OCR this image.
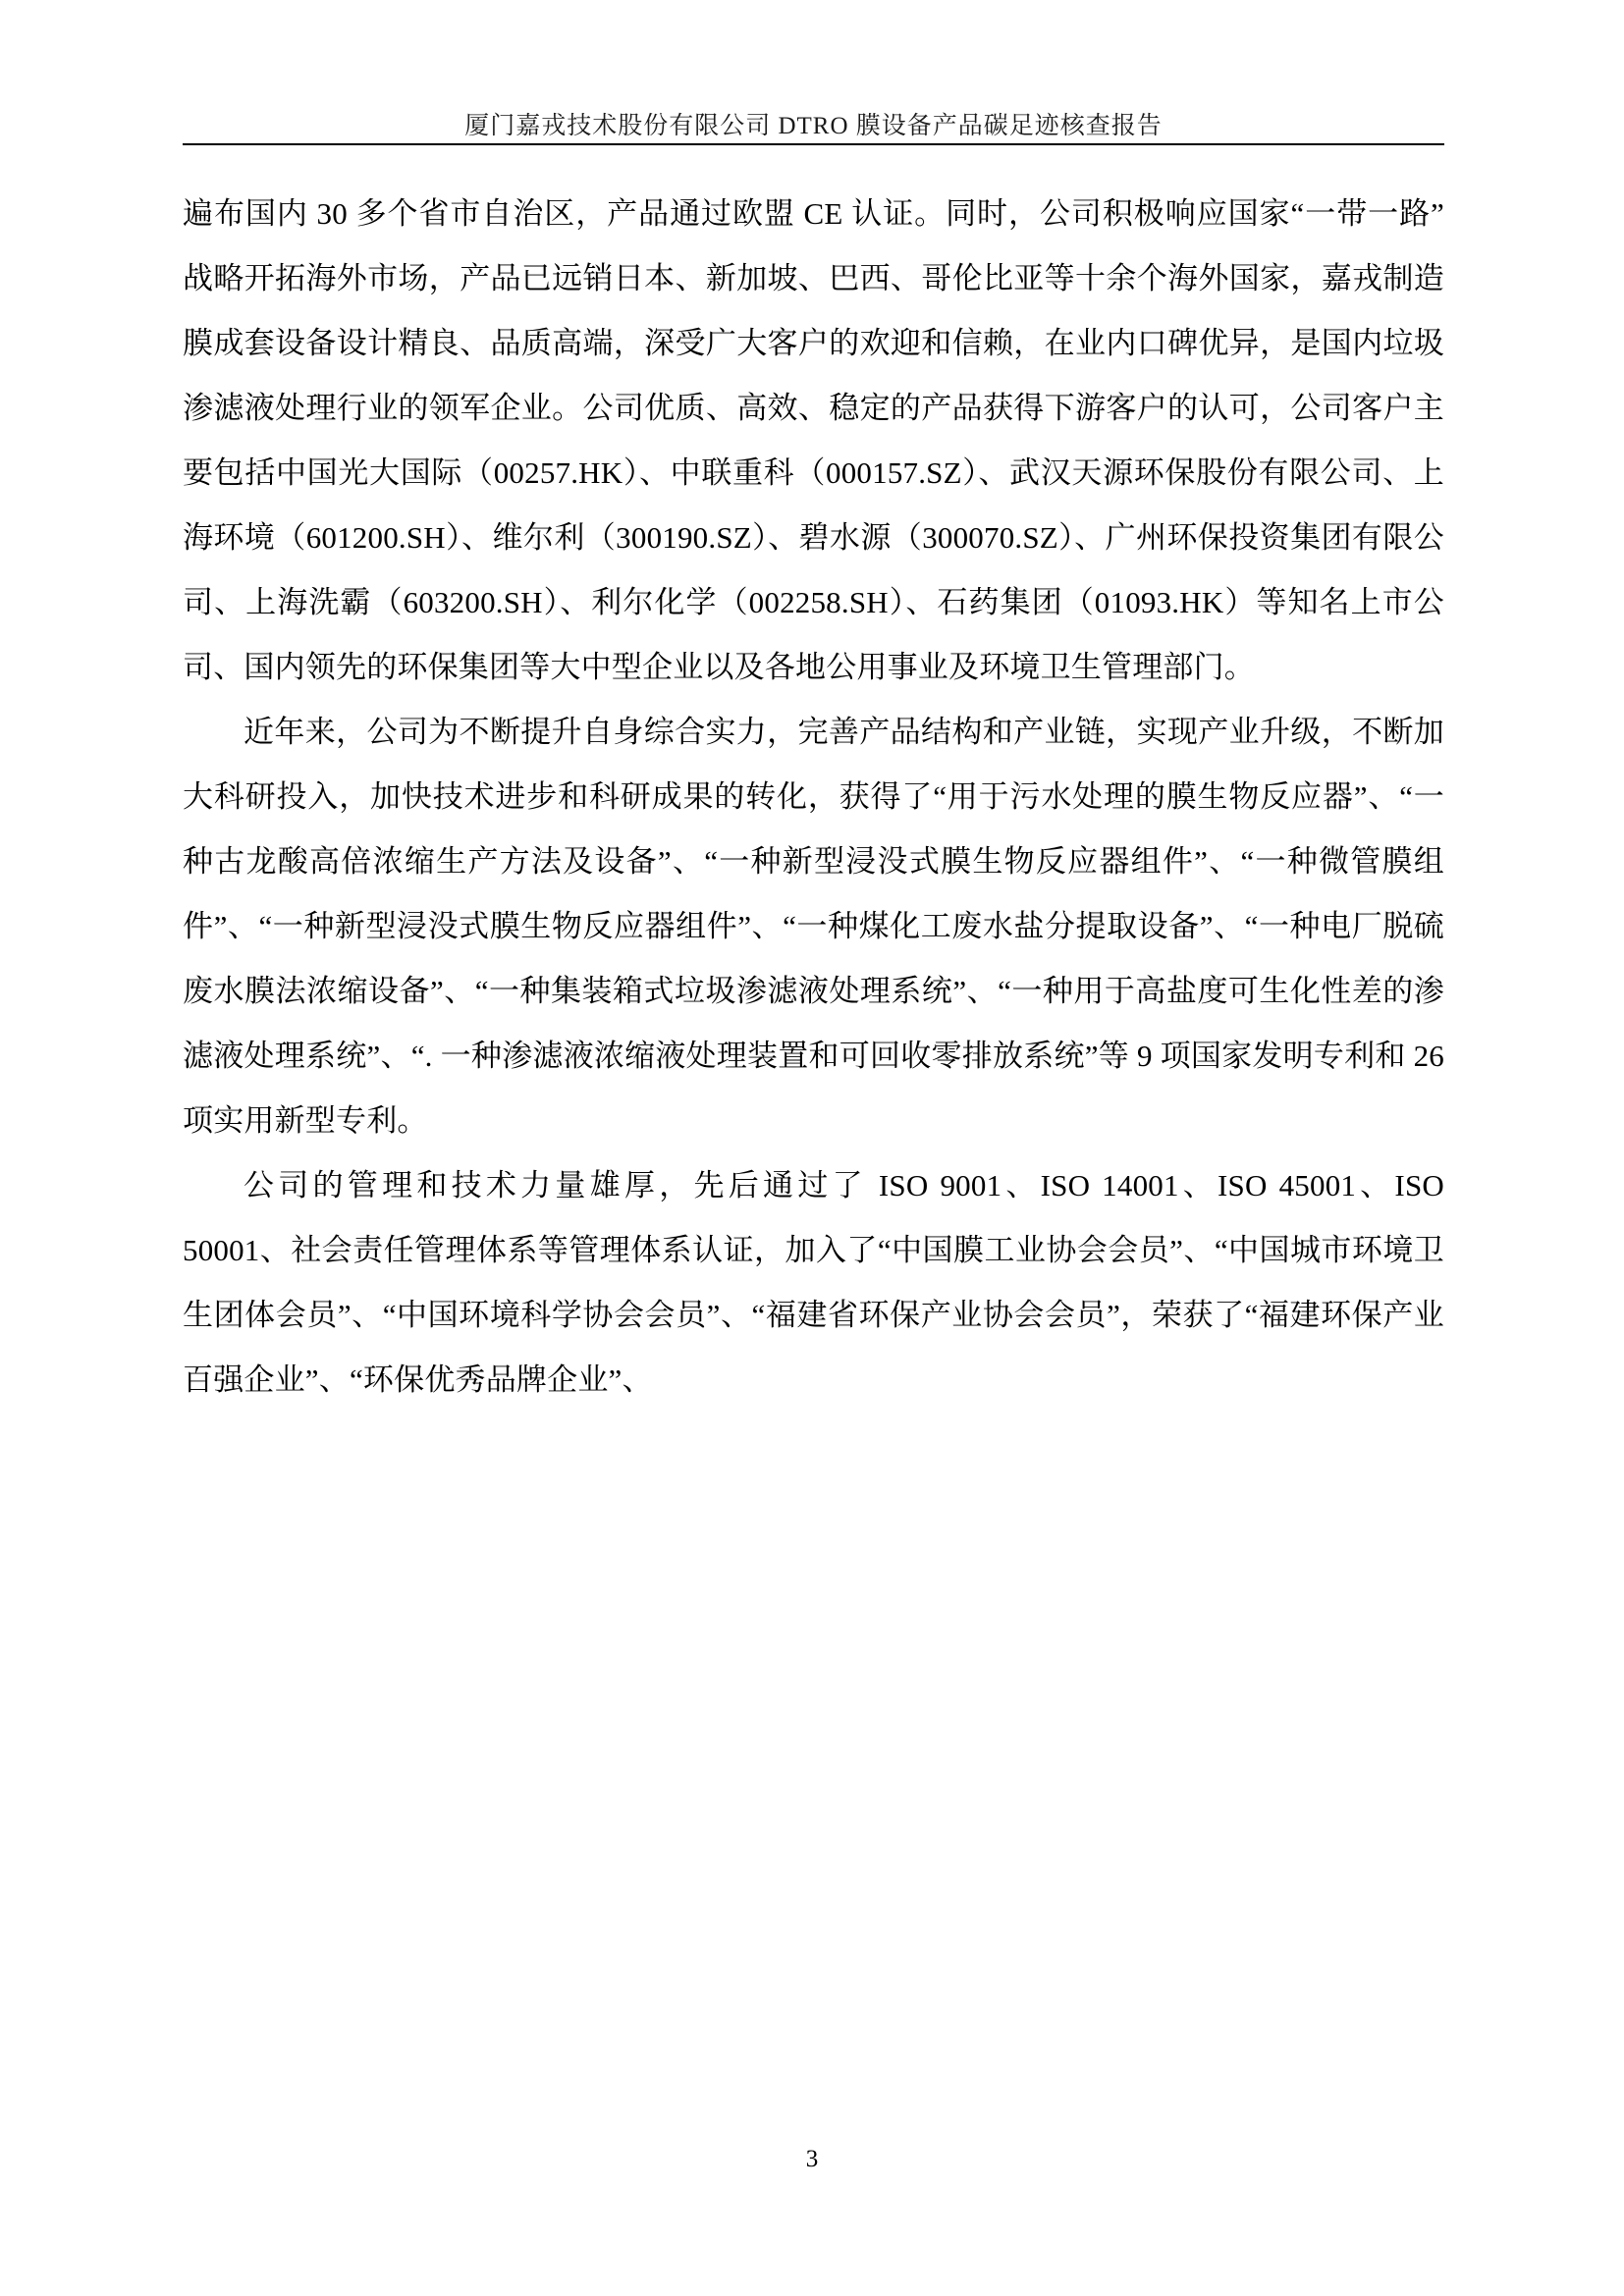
厦门嘉戎技术股份有限公司 DTRO 膜设备产品碳足迹核查报告

遍布国内 30 多个省市自治区，产品通过欧盟 CE 认证。同时，公司积极响应国家“一带一路”战略开拓海外市场，产品已远销日本、新加坡、巴西、哥伦比亚等十余个海外国家，嘉戎制造膜成套设备设计精良、品质高端，深受广大客户的欢迎和信赖，在业内口碑优异，是国内垃圾渗滤液处理行业的领军企业。公司优质、高效、稳定的产品获得下游客户的认可，公司客户主要包括中国光大国际（00257.HK）、中联重科（000157.SZ）、武汉天源环保股份有限公司、上海环境（601200.SH）、维尔利（300190.SZ）、碧水源（300070.SZ）、广州环保投资集团有限公司、上海洗霸（603200.SH）、利尔化学（002258.SH）、石药集团（01093.HK）等知名上市公司、国内领先的环保集团等大中型企业以及各地公用事业及环境卫生管理部门。

近年来，公司为不断提升自身综合实力，完善产品结构和产业链，实现产业升级，不断加大科研投入，加快技术进步和科研成果的转化，获得了“用于污水处理的膜生物反应器”、“一种古龙酸高倍浓缩生产方法及设备”、“一种新型浸没式膜生物反应器组件”、“一种微管膜组件”、“一种新型浸没式膜生物反应器组件”、“一种煤化工废水盐分提取设备”、“一种电厂脱硫废水膜法浓缩设备”、“一种集装箱式垃圾渗滤液处理系统”、“一种用于高盐度可生化性差的渗滤液处理系统”、“. 一种渗滤液浓缩液处理装置和可回收零排放系统”等 9 项国家发明专利和 26 项实用新型专利。

公司的管理和技术力量雄厚，先后通过了 ISO 9001、ISO 14001、ISO 45001、ISO 50001、社会责任管理体系等管理体系认证，加入了“中国膜工业协会会员”、“中国城市环境卫生团体会员”、“中国环境科学协会会员”、“福建省环保产业协会会员”，荣获了“福建环保产业百强企业”、“环保优秀品牌企业”、

3
